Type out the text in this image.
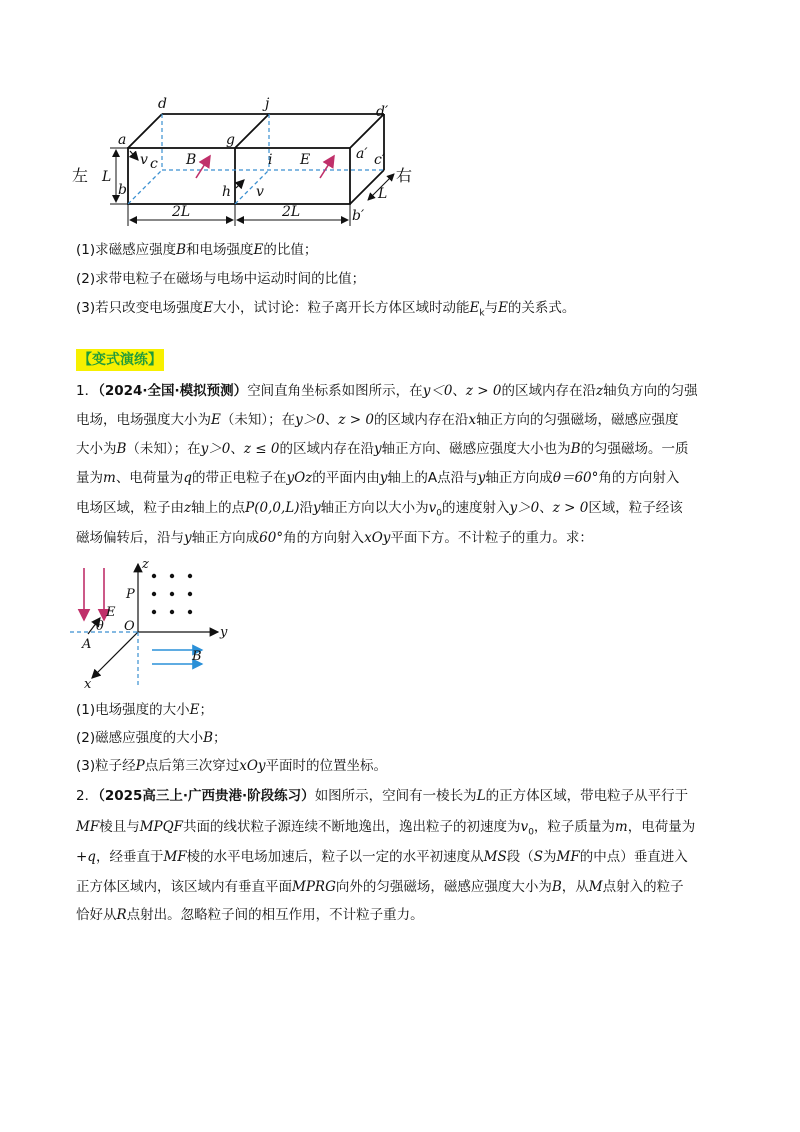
d	j	d′
a	g
a′ c′
v c B	i E
L
b	h v	L
b′
2L	2L
左	右
(1)求磁感应强度B和电场强度E的比值；
(2)求带电粒子在磁场与电场中运动时间的比值；
(3)若只改变电场强度E大小，试讨论：粒子离开长方体区域时动能$E_k$与E的关系式。
【变式演练】
1．（2024·全国·模拟预测）空间直角坐标系如图所示，在y＜0、z > 0的区域内存在沿z轴负方向的匀强
电场，电场强度大小为E（未知）；在y＞0、z > 0的区域内存在沿x轴正方向的匀强磁场，磁感应强度
大小为B（未知）；在y＞0、z ≤ 0的区域内存在沿y轴正方向、磁感应强度大小也为B的匀强磁场。一质
量为m、电荷量为q的带正电粒子在yOz的平面内由y轴上的A点沿与y轴正方向成θ＝60°角的方向射入
电场区域，粒子由z轴上的点P(0,0,L)沿y轴正方向以大小为$v_0$的速度射入y＞0、z > 0区域，粒子经该
磁场偏转后，沿与y轴正方向成60°角的方向射入xOy平面下方。不计粒子的重力。求：
z
P
O	y
E
θ
A
B
x
(1)电场强度的大小E；
(2)磁感应强度的大小B；
(3)粒子经P点后第三次穿过xOy平面时的位置坐标。
2．（2025高三上·广西贵港·阶段练习）如图所示，空间有一棱长为L的正方体区域，带电粒子从平行于
MF棱且与MPQF共面的线状粒子源连续不断地逸出，逸出粒子的初速度为$v_0$，粒子质量为m，电荷量为
+q，经垂直于MF棱的水平电场加速后，粒子以一定的水平初速度从MS段（S为MF的中点）垂直进入
正方体区域内，该区域内有垂直平面MPRG向外的匀强磁场，磁感应强度大小为B，从M点射入的粒子
恰好从R点射出。忽略粒子间的相互作用，不计粒子重力。
